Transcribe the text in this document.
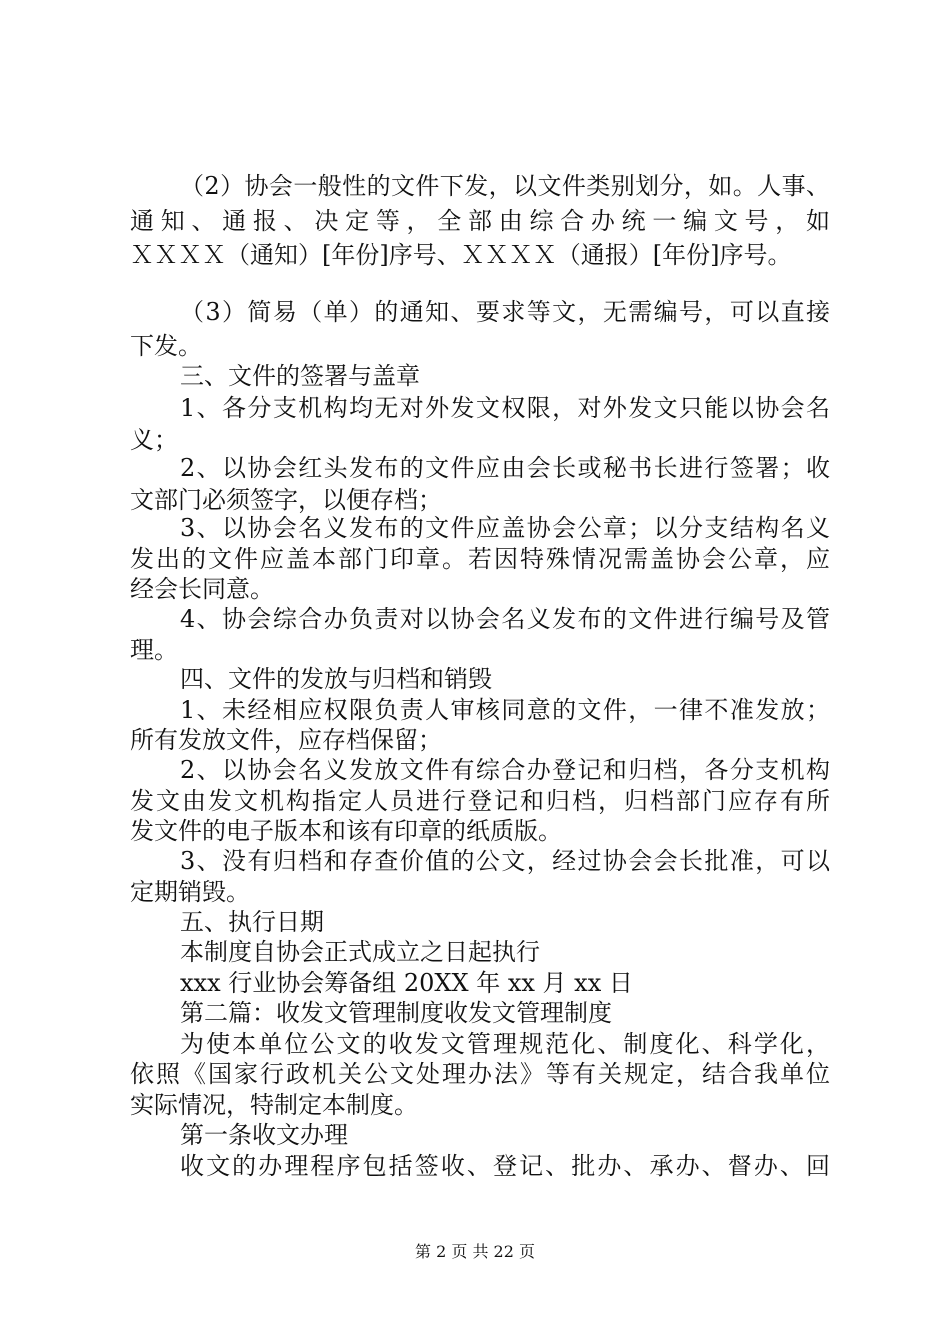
（2）协会一般性的文件下发，以文件类别划分，如。人事、

通知、通报、决定等，全部由综合办统一编文号，如

ＸＸＸＸ（通知）[年份]序号、ＸＸＸＸ（通报）[年份]序号。

（3）简易（单）的通知、要求等文，无需编号，可以直接

下发。

三、文件的签署与盖章

1、各分支机构均无对外发文权限，对外发文只能以协会名

义；

2、以协会红头发布的文件应由会长或秘书长进行签署；收

文部门必须签字，以便存档；

3、以协会名义发布的文件应盖协会公章；以分支结构名义

发出的文件应盖本部门印章。若因特殊情况需盖协会公章，应

经会长同意。

4、协会综合办负责对以协会名义发布的文件进行编号及管

理。

四、文件的发放与归档和销毁

1、未经相应权限负责人审核同意的文件，一律不准发放；

所有发放文件，应存档保留；

2、以协会名义发放文件有综合办登记和归档，各分支机构

发文由发文机构指定人员进行登记和归档，归档部门应存有所

发文件的电子版本和该有印章的纸质版。

3、没有归档和存查价值的公文，经过协会会长批准，可以

定期销毁。

五、执行日期

本制度自协会正式成立之日起执行

xxx 行业协会筹备组 20XX 年 xx 月 xx 日

第二篇：收发文管理制度收发文管理制度

为使本单位公文的收发文管理规范化、制度化、科学化，

依照《国家行政机关公文处理办法》等有关规定，结合我单位

实际情况，特制定本制度。

第一条收文办理

收文的办理程序包括签收、登记、批办、承办、督办、回

第 2 页 共 22 页
